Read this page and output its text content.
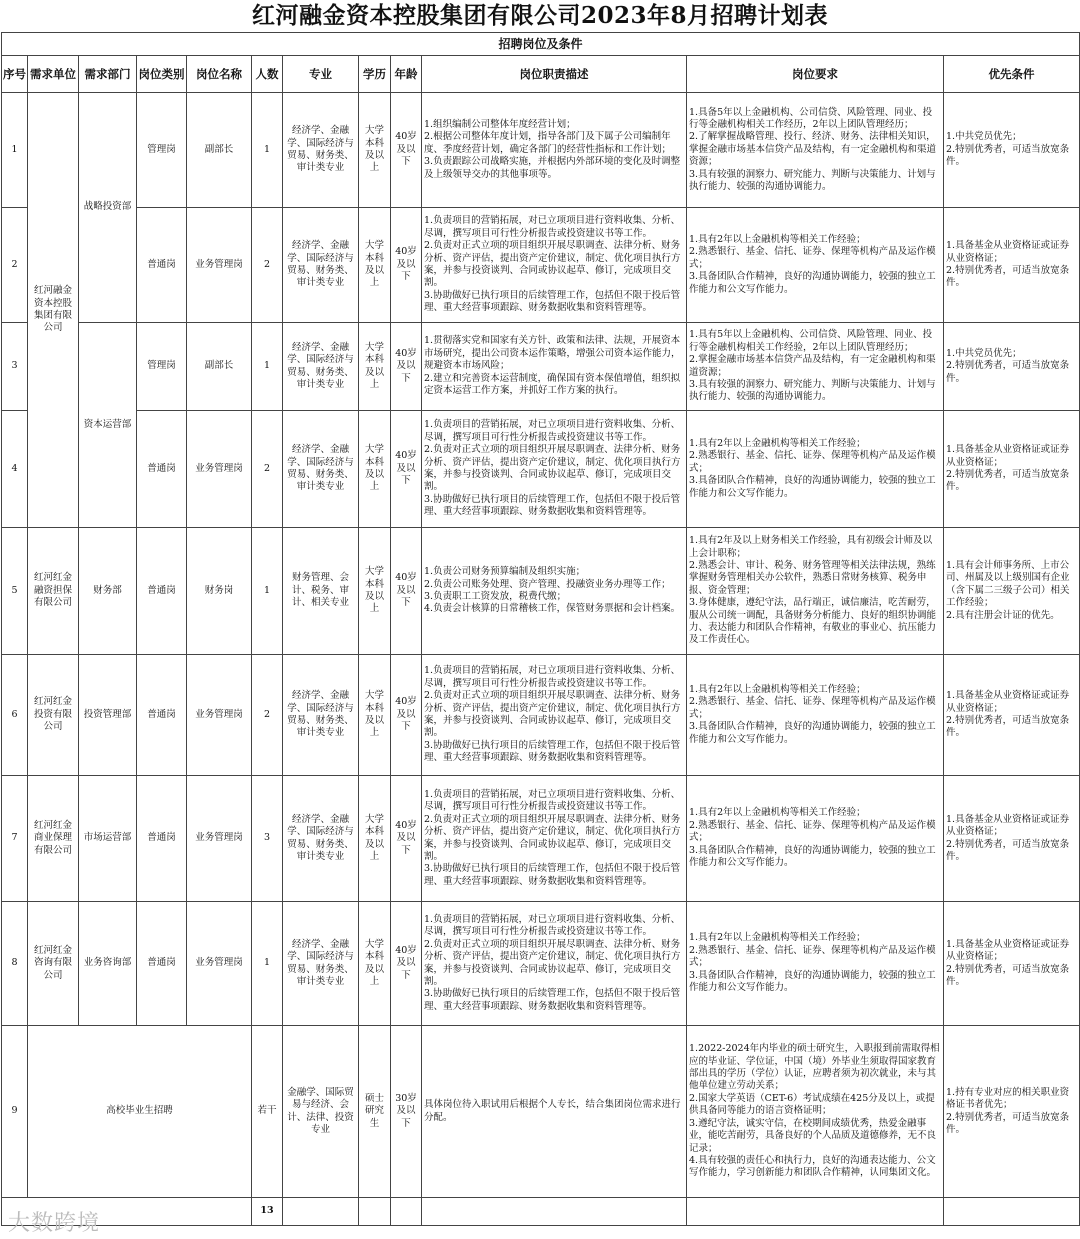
红河融金资本控股集团有限公司2023年8月招聘计划表
招聘岗位及条件											
序号	需求单位	需求部门	岗位类别	岗位名称	人数	专业	学历	年龄	岗位职责描述	岗位要求	优先条件
1	红河融金资本控股集团有限公司	战略投资部	管理岗	副部长	1	经济学、金融学、国际经济与贸易、财务类、审计类专业	大学本科及以上	40岁及以下	1.组织编制公司整体年度经营计划；
2.根据公司整体年度计划，指导各部门及下属子公司编制年度、季度经营计划，确定各部门的经营性指标和工作计划；
3.负责跟踪公司战略实施，并根据内外部环境的变化及时调整及上级领导交办的其他事项等。	1.具备5年以上金融机构、公司信贷、风险管理、同业、投行等金融机构相关工作经历，2年以上团队管理经历；
2.了解掌握战略管理、投行、经济、财务、法律相关知识，掌握金融市场基本信贷产品及结构，有一定金融机构和渠道资源；
3.具有较强的洞察力、研究能力、判断与决策能力、计划与执行能力、较强的沟通协调能力。	1.中共党员优先；
2.特别优秀者，可适当放宽条件。

2			普通岗	业务管理岗	2	经济学、金融学、国际经济与贸易、财务类、审计类专业	大学本科及以上	40岁及以下	1.负责项目的营销拓展，对已立项项目进行资料收集、分析、尽调，撰写项目可行性分析报告或投资建议书等工作。
2.负责对正式立项的项目组织开展尽职调查、法律分析、财务分析、资产评估，提出资产定价建议，制定、优化项目执行方案，并参与投资谈判、合同或协议起草、修订，完成项目交割。
3.协助做好已执行项目的后续管理工作，包括但不限于投后管理、重大经营事项跟踪、财务数据收集和资料管理等。	1.具有2年以上金融机构等相关工作经验；
2.熟悉银行、基金、信托、证券、保理等机构产品及运作模式；
3.具备团队合作精神，良好的沟通协调能力，较强的独立工作能力和公文写作能力。	1.具备基金从业资格证或证券从业资格证；
2.特别优秀者，可适当放宽条件。

3		资本运营部	管理岗	副部长	1	经济学、金融学、国际经济与贸易、财务类、审计类专业	大学本科及以上	40岁及以下	1.贯彻落实党和国家有关方针、政策和法律、法规，开展资本市场研究，提出公司资本运作策略，增强公司资本运作能力，规避资本市场风险；
2.建立和完善资本运营制度，确保国有资本保值增值，组织拟定资本运营工作方案，并抓好工作方案的执行。	1.具有5年以上金融机构、公司信贷、风险管理、同业、投行等金融机构相关工作经验，2年以上团队管理经历；
2.掌握金融市场基本信贷产品及结构，有一定金融机构和渠道资源；
3.具有较强的洞察力、研究能力、判断与决策能力、计划与执行能力、较强的沟通协调能力。	1.中共党员优先；
2.特别优秀者，可适当放宽条件。

4			普通岗	业务管理岗	2	经济学、金融学、国际经济与贸易、财务类、审计类专业	大学本科及以上	40岁及以下	1.负责项目的营销拓展，对已立项项目进行资料收集、分析、尽调，撰写项目可行性分析报告或投资建议书等工作。
2.负责对正式立项的项目组织开展尽职调查、法律分析、财务分析、资产评估，提出资产定价建议，制定、优化项目执行方案，并参与投资谈判、合同或协议起草、修订，完成项目交割。
3.协助做好已执行项目的后续管理工作，包括但不限于投后管理、重大经营事项跟踪、财务数据收集和资料管理等。	1.具有2年以上金融机构等相关工作经验；
2.熟悉银行、基金、信托、证券、保理等机构产品及运作模式；
3.具备团队合作精神，良好的沟通协调能力，较强的独立工作能力和公文写作能力。	1.具备基金从业资格证或证券从业资格证；
2.特别优秀者，可适当放宽条件。

5	红河红金融资担保有限公司	财务部	普通岗	财务岗	1	财务管理、会计、税务、审计、相关专业	大学本科及以上	40岁及以下	1.负责公司财务预算编制及组织实施；
2.负责公司账务处理、资产管理、投融资业务办理等工作；
3.负责职工工资发放，税费代缴；
4.负责会计核算的日常稽核工作，保管财务票据和会计档案。	1.具有2年及以上财务相关工作经验，具有初级会计师及以上会计职称；
2.熟悉会计、审计、税务、财务管理等相关法律法规，熟练掌握财务管理相关办公软件，熟悉日常财务核算、税务申报、资金管理；
3.身体健康，遵纪守法，品行端正，诚信廉洁，吃苦耐劳，服从公司统一调配，具备财务分析能力、良好的组织协调能力、表达能力和团队合作精神，有敬业的事业心、抗压能力及工作责任心。	1.具有会计师事务所、上市公司、州属及以上级别国有企业（含下属二三级子公司）相关工作经验；
2.具有注册会计证的优先。

6	红河红金投资有限公司	投资管理部	普通岗	业务管理岗	2	经济学、金融学、国际经济与贸易、财务类、审计类专业	大学本科及以上	40岁及以下	1.负责项目的营销拓展，对已立项项目进行资料收集、分析、尽调，撰写项目可行性分析报告或投资建议书等工作。
2.负责对正式立项的项目组织开展尽职调查、法律分析、财务分析、资产评估，提出资产定价建议，制定、优化项目执行方案，并参与投资谈判、合同或协议起草、修订，完成项目交割。
3.协助做好已执行项目的后续管理工作，包括但不限于投后管理、重大经营事项跟踪、财务数据收集和资料管理等。	1.具有2年以上金融机构等相关工作经验；
2.熟悉银行、基金、信托、证券、保理等机构产品及运作模式；
3.具备团队合作精神，良好的沟通协调能力，较强的独立工作能力和公文写作能力。	1.具备基金从业资格证或证券从业资格证；
2.特别优秀者，可适当放宽条件。

7	红河红金商业保理有限公司	市场运营部	普通岗	业务管理岗	3	经济学、金融学、国际经济与贸易、财务类、审计类专业	大学本科及以上	40岁及以下	1.负责项目的营销拓展，对已立项项目进行资料收集、分析、尽调，撰写项目可行性分析报告或投资建议书等工作。
2.负责对正式立项的项目组织开展尽职调查、法律分析、财务分析、资产评估，提出资产定价建议，制定、优化项目执行方案，并参与投资谈判、合同或协议起草、修订，完成项目交割。
3.协助做好已执行项目的后续管理工作，包括但不限于投后管理、重大经营事项跟踪、财务数据收集和资料管理等。	1.具有2年以上金融机构等相关工作经验；
2.熟悉银行、基金、信托、证券、保理等机构产品及运作模式；
3.具备团队合作精神，良好的沟通协调能力，较强的独立工作能力和公文写作能力。	1.具备基金从业资格证或证券从业资格证；
2.特别优秀者，可适当放宽条件。

8	红河红金咨询有限公司	业务咨询部	普通岗	业务管理岗	1	经济学、金融学、国际经济与贸易、财务类、审计类专业	大学本科及以上	40岁及以下	1.负责项目的营销拓展，对已立项项目进行资料收集、分析、尽调，撰写项目可行性分析报告或投资建议书等工作。
2.负责对正式立项的项目组织开展尽职调查、法律分析、财务分析、资产评估，提出资产定价建议，制定、优化项目执行方案，并参与投资谈判、合同或协议起草、修订，完成项目交割。
3.协助做好已执行项目的后续管理工作，包括但不限于投后管理、重大经营事项跟踪、财务数据收集和资料管理等。	1.具有2年以上金融机构等相关工作经验；
2.熟悉银行、基金、信托、证券、保理等机构产品及运作模式；
3.具备团队合作精神，良好的沟通协调能力，较强的独立工作能力和公文写作能力。	1.具备基金从业资格证或证券从业资格证；
2.特别优秀者，可适当放宽条件。

9	高校毕业生招聘				若干	金融学、国际贸易与经济、会计、法律、投资专业	硕士研究生	30岁及以下	具体岗位待入职试用后根据个人专长，结合集团岗位需求进行分配。	1.2022-2024年内毕业的硕士研究生，入职报到前需取得相应的毕业证、学位证，中国（境）外毕业生须取得国家教育部出具的学历（学位）认证，应聘者须为初次就业，未与其他单位建立劳动关系；
2.国家大学英语（CET-6）考试成绩在425分及以上，或提供具备同等能力的语言资格证明；
3.遵纪守法，诚实守信，在校期间成绩优秀，热爱金融事业，能吃苦耐劳，具备良好的个人品质及道德修养，无不良记录；
4.具有较强的责任心和执行力，良好的沟通表达能力、公文写作能力，学习创新能力和团队合作精神，认同集团文化。	1.持有专业对应的相关职业资格证书者优先；
2.特别优秀者，可适当放宽条件。

					13						
大数跨境
